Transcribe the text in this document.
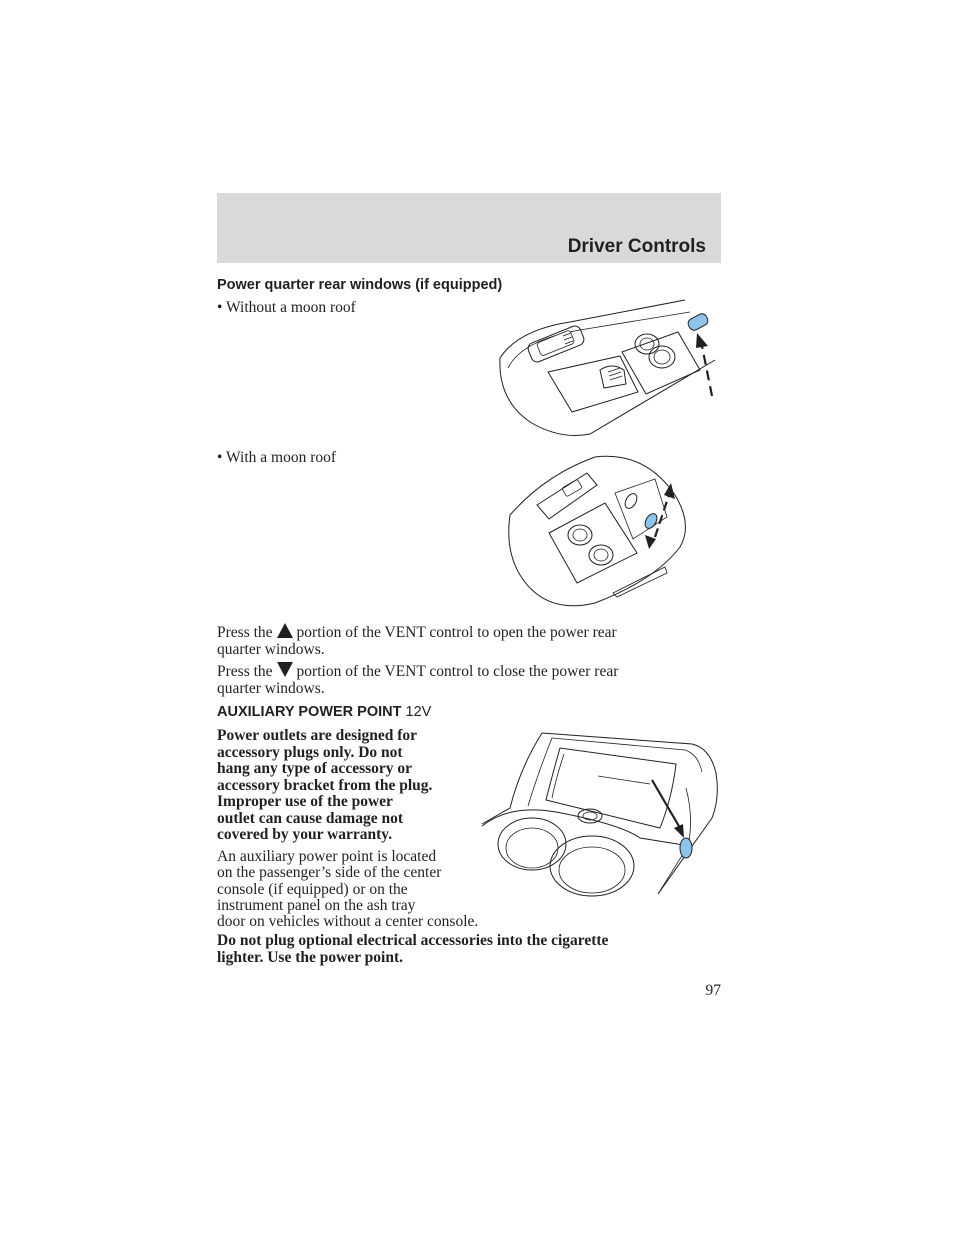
Driver Controls
Power quarter rear windows (if equipped)
• Without a moon roof
• With a moon roof
Press the portion of the VENT control to open the power rear
quarter windows.
Press the portion of the VENT control to close the power rear
quarter windows.
AUXILIARY POWER POINT 12V
Power outlets are designed for
accessory plugs only. Do not
hang any type of accessory or
accessory bracket from the plug.
Improper use of the power
outlet can cause damage not
covered by your warranty.
An auxiliary power point is located
on the passenger’s side of the center
console (if equipped) or on the
instrument panel on the ash tray
door on vehicles without a center console.
Do not plug optional electrical accessories into the cigarette
lighter. Use the power point.
97
